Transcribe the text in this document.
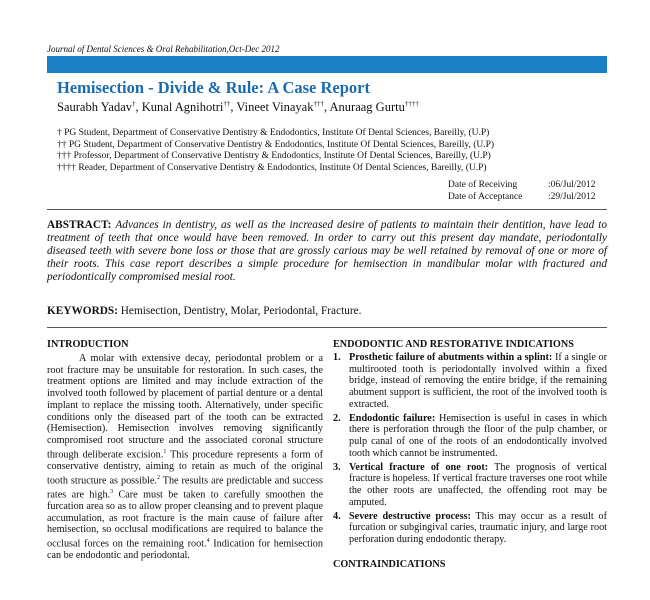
Journal of Dental Sciences & Oral Rehabilitation,Oct-Dec 2012
Hemisection - Divide & Rule: A Case Report
Saurabh Yadav†, Kunal Agnihotri††, Vineet Vinayak†††, Anuraag Gurtu††††
† PG Student, Department of Conservative Dentistry & Endodontics, Institute Of Dental Sciences, Bareilly, (U.P)
†† PG Student, Department of Conservative Dentistry & Endodontics, Institute Of Dental Sciences, Bareilly, (U.P)
††† Professor, Department of Conservative Dentistry & Endodontics, Institute Of Dental Sciences, Bareilly, (U.P)
†††† Reader, Department of Conservative Dentistry & Endodontics, Institute Of Dental Sciences, Bareilly, (U.P)
Date of Receiving	:06/Jul/2012
Date of Acceptance	:29/Jul/2012
ABSTRACT: Advances in dentistry, as well as the increased desire of patients to maintain their dentition, have lead to treatment of teeth that once would have been removed. In order to carry out this present day mandate, periodontally diseased teeth with severe bone loss or those that are grossly carious may be well retained by removal of one or more of their roots. This case report describes a simple procedure for hemisection in mandibular molar with fractured and periodontically compromised mesial root.
KEYWORDS: Hemisection, Dentistry, Molar, Periodontal, Fracture.
INTRODUCTION

A molar with extensive decay, periodontal problem or a root fracture may be unsuitable for restoration. In such cases, the treatment options are limited and may include extraction of the involved tooth followed by placement of partial denture or a dental implant to replace the missing tooth. Alternatively, under specific conditions only the diseased part of the tooth can be extracted (Hemisection). Hemisection involves removing significantly compromised root structure and the associated coronal structure through deliberate excision.$^1$ This procedure represents a form of conservative dentistry, aiming to retain as much of the original tooth structure as possible.$^2$ The results are predictable and success rates are high.$^3$ Care must be taken to carefully smoothen the furcation area so as to allow proper cleansing and to prevent plaque accumulation, as root fracture is the main cause of failure after hemisection, so occlusal modifications are required to balance the occlusal forces on the remaining root.$^4$ Indication for hemisection can be endodontic and periodontal.

ENDODONTIC AND RESTORATIVE INDICATIONS
1. Prosthetic failure of abutments within a splint: If a single or multirooted tooth is periodontally involved within a fixed bridge, instead of removing the entire bridge, if the remaining abutment support is sufficient, the root of the involved tooth is extracted.
2. Endodontic failure: Hemisection is useful in cases in which there is perforation through the floor of the pulp chamber, or pulp canal of one of the roots of an endodontically involved tooth which cannot be instrumented.
3. Vertical fracture of one root: The prognosis of vertical fracture is hopeless. If vertical fracture traverses one root while the other roots are unaffected, the offending root may be amputed.
4. Severe destructive process: This may occur as a result of furcation or subgingival caries, traumatic injury, and large root perforation during endodontic therapy.
CONTRAINDICATIONS
